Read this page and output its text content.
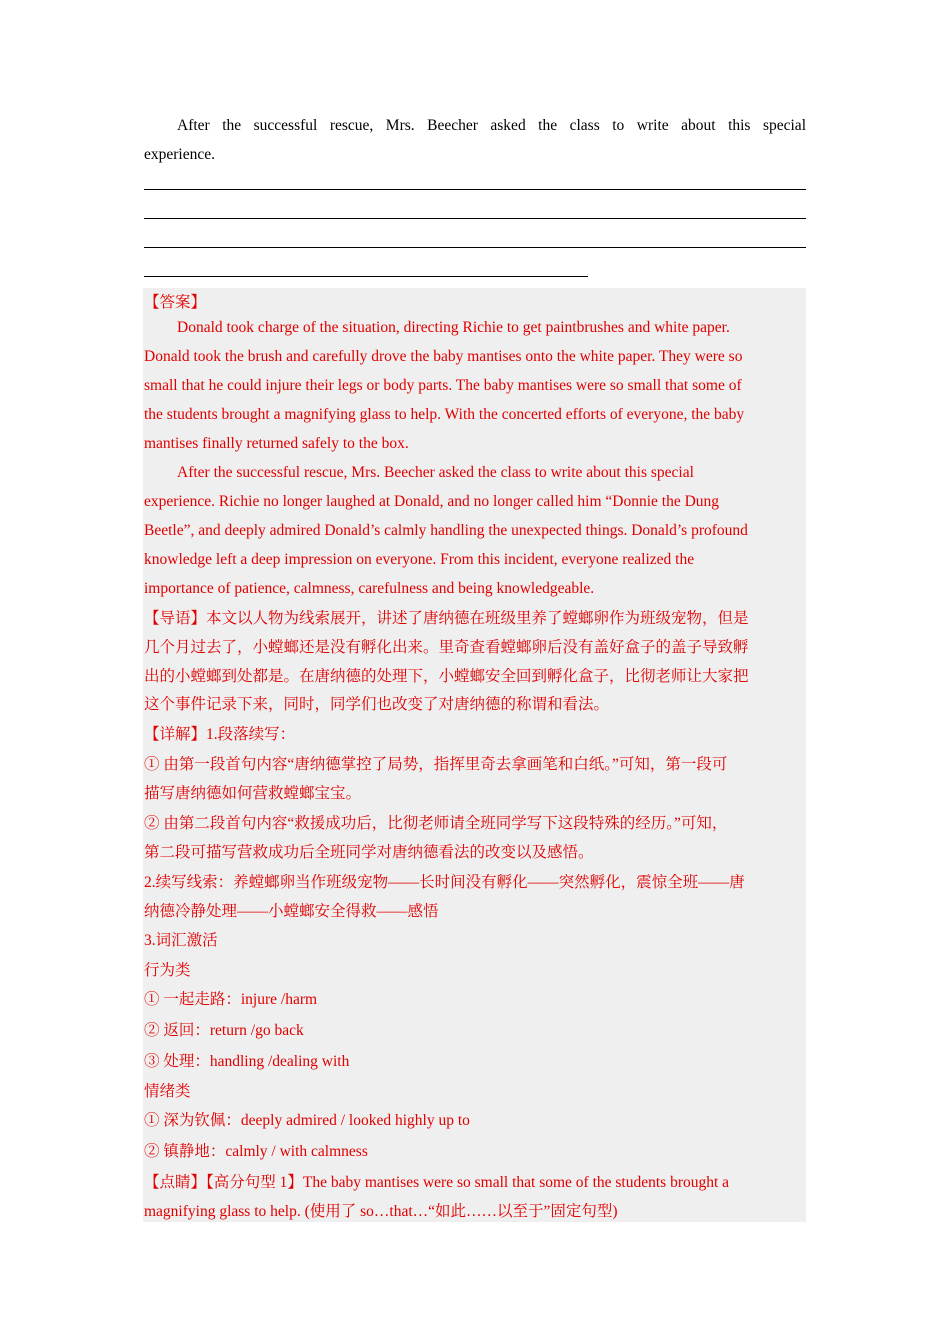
After the successful rescue, Mrs. Beecher asked the class to write about this special
experience.
【答案】
Donald took charge of the situation, directing Richie to get paintbrushes and white paper.
Donald took the brush and carefully drove the baby mantises onto the white paper. They were so
small that he could injure their legs or body parts. The baby mantises were so small that some of
the students brought a magnifying glass to help. With the concerted efforts of everyone, the baby
mantises finally returned safely to the box.
After the successful rescue, Mrs. Beecher asked the class to write about this special
experience. Richie no longer laughed at Donald, and no longer called him “Donnie the Dung
Beetle”, and deeply admired Donald’s calmly handling the unexpected things. Donald’s profound
knowledge left a deep impression on everyone. From this incident, everyone realized the
importance of patience, calmness, carefulness and being knowledgeable.
【导语】本文以人物为线索展开，讲述了唐纳德在班级里养了螳螂卵作为班级宠物，但是
几个月过去了，小螳螂还是没有孵化出来。里奇查看螳螂卵后没有盖好盒子的盖子导致孵
出的小螳螂到处都是。在唐纳德的处理下，小螳螂安全回到孵化盒子，比彻老师让大家把
这个事件记录下来，同时，同学们也改变了对唐纳德的称谓和看法。
【详解】1.段落续写：
① 由第一段首句内容“唐纳德掌控了局势，指挥里奇去拿画笔和白纸。”可知，第一段可
描写唐纳德如何营救螳螂宝宝。
② 由第二段首句内容“救援成功后，比彻老师请全班同学写下这段特殊的经历。”可知，
第二段可描写营救成功后全班同学对唐纳德看法的改变以及感悟。
2.续写线索：养螳螂卵当作班级宠物——长时间没有孵化——突然孵化，震惊全班——唐
纳德冷静处理——小螳螂安全得救——感悟
3.词汇激活
行为类
① 一起走路：injure /harm
② 返回：return /go back
③ 处理：handling /dealing with
情绪类
① 深为钦佩：deeply admired / looked highly up to
② 镇静地：calmly / with calmness
【点睛】【高分句型 1】The baby mantises were so small that some of the students brought a
magnifying glass to help. (使用了 so…that…“如此……以至于”固定句型)
